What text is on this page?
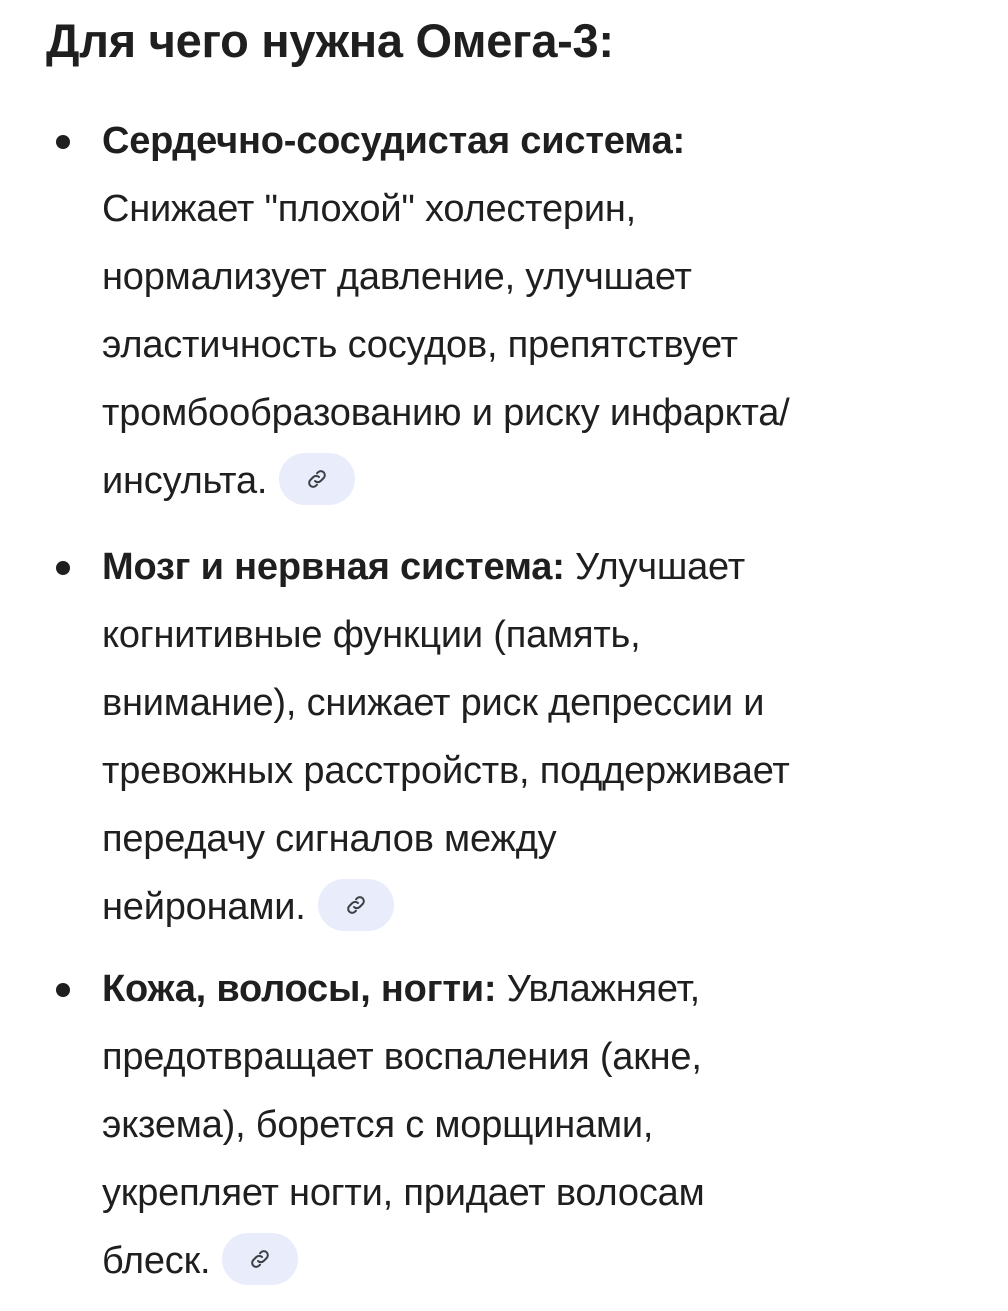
Для чего нужна Омега-3:
Сердечно-сосудистая система:
Снижает "плохой" холестерин,
нормализует давление, улучшает
эластичность сосудов, препятствует
тромбообразованию и риску инфаркта/
инсульта.
Мозг и нервная система: Улучшает
когнитивные функции (память,
внимание), снижает риск депрессии и
тревожных расстройств, поддерживает
передачу сигналов между
нейронами.
Кожа, волосы, ногти: Увлажняет,
предотвращает воспаления (акне,
экзема), борется с морщинами,
укрепляет ногти, придает волосам
блеск.
